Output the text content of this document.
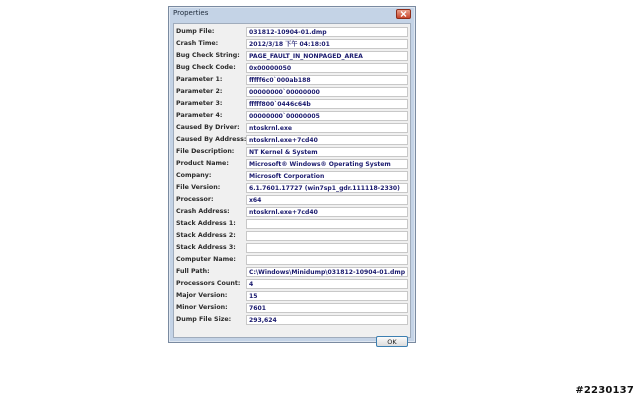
Properties
Dump File:	031812-10904-01.dmp
Crash Time:	2012/3/18 下午 04:18:01
Bug Check String:	PAGE_FAULT_IN_NONPAGED_AREA
Bug Check Code:	0x00000050
Parameter 1:	fffff6c0`000ab188
Parameter 2:	00000000`00000000
Parameter 3:	fffff800`0446c64b
Parameter 4:	00000000`00000005
Caused By Driver:	ntoskrnl.exe
Caused By Address: ntoskrnl.exe+7cd40
File Description:	NT Kernel & System
Product Name:	Microsoft® Windows® Operating System
Company:	Microsoft Corporation
File Version:	6.1.7601.17727 (win7sp1_gdr.111118-2330)
Processor:	x64
Crash Address:	ntoskrnl.exe+7cd40
Stack Address 1:
Stack Address 2:
Stack Address 3:
Computer Name:
Full Path:	C:\Windows\Minidump\031812-10904-01.dmp
Processors Count:	4
Major Version:	15
Minor Version:	7601
Dump File Size:	293,624
OK
#2230137
